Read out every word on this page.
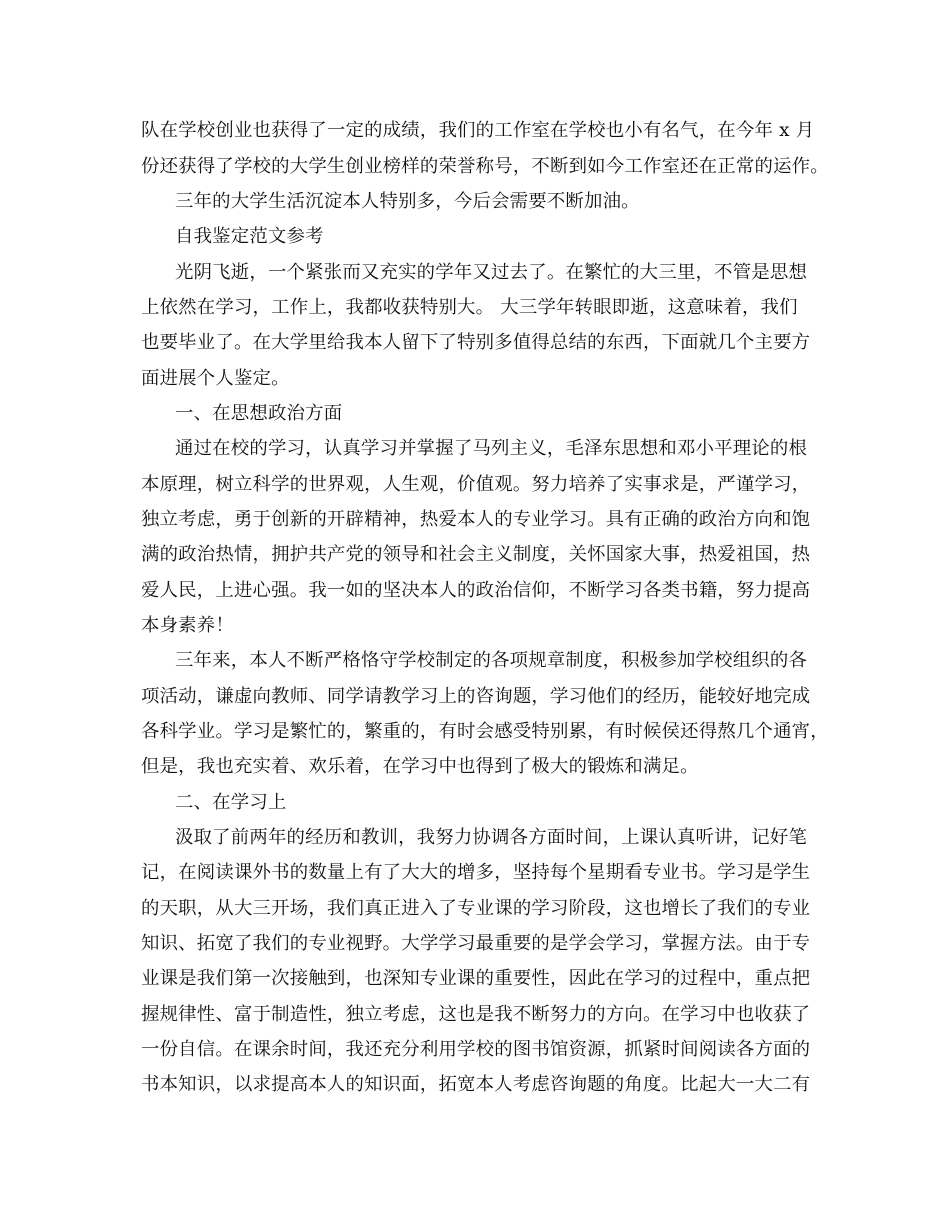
队在学校创业也获得了一定的成绩，我们的工作室在学校也小有名气，在今年 x 月

份还获得了学校的大学生创业榜样的荣誉称号，不断到如今工作室还在正常的运作。

三年的大学生活沉淀本人特别多，今后会需要不断加油。

自我鉴定范文参考

光阴飞逝，一个紧张而又充实的学年又过去了。在繁忙的大三里，不管是思想

上依然在学习，工作上，我都收获特别大。 大三学年转眼即逝，这意味着，我们

也要毕业了。在大学里给我本人留下了特别多值得总结的东西，下面就几个主要方

面进展个人鉴定。

一、在思想政治方面

通过在校的学习，认真学习并掌握了马列主义，毛泽东思想和邓小平理论的根

本原理，树立科学的世界观，人生观，价值观。努力培养了实事求是，严谨学习，

独立考虑，勇于创新的开辟精神，热爱本人的专业学习。具有正确的政治方向和饱

满的政治热情，拥护共产党的领导和社会主义制度，关怀国家大事，热爱祖国，热

爱人民，上进心强。我一如的坚决本人的政治信仰，不断学习各类书籍，努力提高

本身素养！

三年来，本人不断严格恪守学校制定的各项规章制度，积极参加学校组织的各

项活动，谦虚向教师、同学请教学习上的咨询题，学习他们的经历，能较好地完成

各科学业。学习是繁忙的，繁重的，有时会感受特别累，有时候侯还得熬几个通宵，

但是，我也充实着、欢乐着，在学习中也得到了极大的锻炼和满足。

二、在学习上

汲取了前两年的经历和教训，我努力协调各方面时间，上课认真听讲，记好笔

记，在阅读课外书的数量上有了大大的增多，坚持每个星期看专业书。学习是学生

的天职，从大三开场，我们真正进入了专业课的学习阶段，这也增长了我们的专业

知识、拓宽了我们的专业视野。大学学习最重要的是学会学习，掌握方法。由于专

业课是我们第一次接触到，也深知专业课的重要性，因此在学习的过程中，重点把

握规律性、富于制造性，独立考虑，这也是我不断努力的方向。在学习中也收获了

一份自信。在课余时间，我还充分利用学校的图书馆资源，抓紧时间阅读各方面的

书本知识，以求提高本人的知识面，拓宽本人考虑咨询题的角度。比起大一大二有
